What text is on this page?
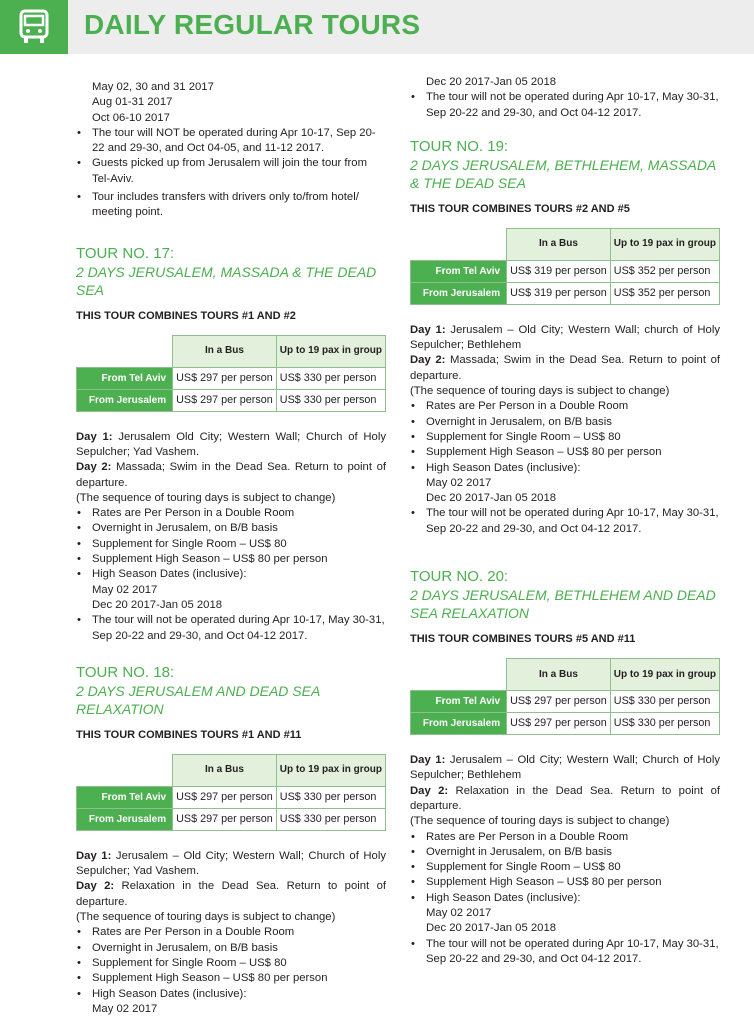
DAILY REGULAR TOURS
May 02, 30 and 31 2017
Aug 01-31 2017
Oct 06-10 2017
• The tour will NOT be operated during Apr 10-17, Sep 20-22 and 29-30, and Oct 04-05, and 11-12 2017.
• Guests picked up from Jerusalem will join the tour from Tel-Aviv.
• Tour includes transfers with drivers only to/from hotel/ meeting point.
TOUR NO. 17:
2 DAYS JERUSALEM, MASSADA & THE DEAD SEA
THIS TOUR COMBINES TOURS #1 AND #2
	In a Bus	Up to 19 pax in group
From Tel Aviv	US$ 297 per person	US$ 330 per person
From Jerusalem	US$ 297 per person	US$ 330 per person
Day 1: Jerusalem Old City; Western Wall; Church of Holy Sepulcher; Yad Vashem.
Day 2: Massada; Swim in the Dead Sea. Return to point of departure.
(The sequence of touring days is subject to change)
• Rates are Per Person in a Double Room
• Overnight in Jerusalem, on B/B basis
• Supplement for Single Room – US$ 80
• Supplement High Season – US$ 80 per person
• High Season Dates (inclusive):
May 02 2017
Dec 20 2017-Jan 05 2018
• The tour will not be operated during Apr 10-17, May 30-31, Sep 20-22 and 29-30, and Oct 04-12 2017.
TOUR NO. 18:
2 DAYS JERUSALEM AND DEAD SEA RELAXATION
THIS TOUR COMBINES TOURS #1 AND #11
	In a Bus	Up to 19 pax in group
From Tel Aviv	US$ 297 per person	US$ 330 per person
From Jerusalem	US$ 297 per person	US$ 330 per person
Day 1: Jerusalem – Old City; Western Wall; Church of Holy Sepulcher; Yad Vashem.
Day 2: Relaxation in the Dead Sea. Return to point of departure.
(The sequence of touring days is subject to change)
• Rates are Per Person in a Double Room
• Overnight in Jerusalem, on B/B basis
• Supplement for Single Room – US$ 80
• Supplement High Season – US$ 80 per person
• High Season Dates (inclusive):
May 02 2017
Dec 20 2017-Jan 05 2018
• The tour will not be operated during Apr 10-17, May 30-31, Sep 20-22 and 29-30, and Oct 04-12 2017.
TOUR NO. 19:
2 DAYS JERUSALEM, BETHLEHEM, MASSADA & THE DEAD SEA
THIS TOUR COMBINES TOURS #2 AND #5
	In a Bus	Up to 19 pax in group
From Tel Aviv	US$ 319 per person	US$ 352 per person
From Jerusalem	US$ 319 per person	US$ 352 per person
Day 1: Jerusalem – Old City; Western Wall; church of Holy Sepulcher; Bethlehem
Day 2: Massada; Swim in the Dead Sea. Return to point of departure.
(The sequence of touring days is subject to change)
• Rates are Per Person in a Double Room
• Overnight in Jerusalem, on B/B basis
• Supplement for Single Room – US$ 80
• Supplement High Season – US$ 80 per person
• High Season Dates (inclusive):
May 02 2017
Dec 20 2017-Jan 05 2018
• The tour will not be operated during Apr 10-17, May 30-31, Sep 20-22 and 29-30, and Oct 04-12 2017.
TOUR NO. 20:
2 DAYS JERUSALEM, BETHLEHEM AND DEAD SEA RELAXATION
THIS TOUR COMBINES TOURS #5 AND #11
	In a Bus	Up to 19 pax in group
From Tel Aviv	US$ 297 per person	US$ 330 per person
From Jerusalem	US$ 297 per person	US$ 330 per person
Day 1: Jerusalem – Old City; Western Wall; Church of Holy Sepulcher; Bethlehem
Day 2: Relaxation in the Dead Sea. Return to point of departure.
(The sequence of touring days is subject to change)
• Rates are Per Person in a Double Room
• Overnight in Jerusalem, on B/B basis
• Supplement for Single Room – US$ 80
• Supplement High Season – US$ 80 per person
• High Season Dates (inclusive):
May 02 2017
Dec 20 2017-Jan 05 2018
• The tour will not be operated during Apr 10-17, May 30-31, Sep 20-22 and 29-30, and Oct 04-12 2017.
